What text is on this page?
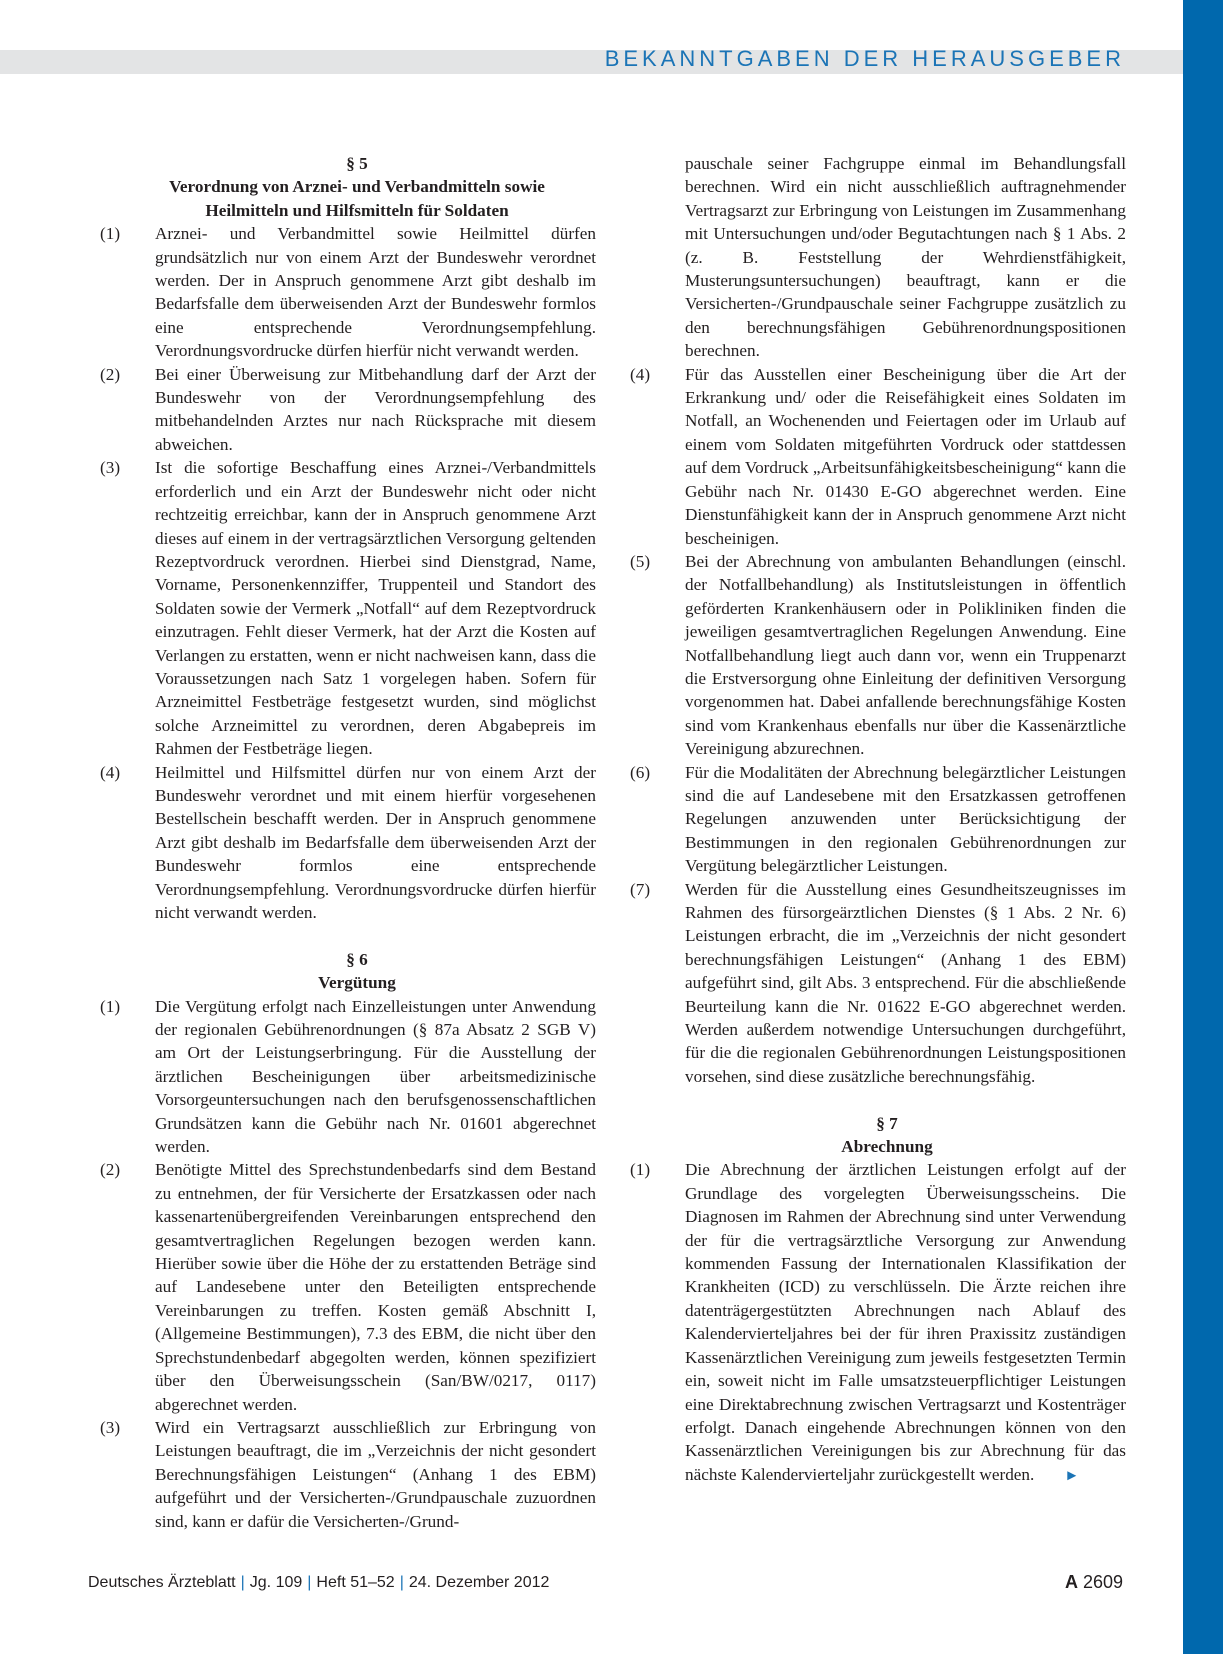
BEKANNTGABEN DER HERAUSGEBER
§ 5
Verordnung von Arznei- und Verbandmitteln sowie
Heilmitteln und Hilfsmitteln für Soldaten
(1) Arznei- und Verbandmittel sowie Heilmittel dürfen grundsätzlich nur von einem Arzt der Bundeswehr verordnet werden. Der in Anspruch genommene Arzt gibt deshalb im Bedarfsfalle dem überweisenden Arzt der Bundeswehr formlos eine entsprechende Verordnungsempfehlung. Verordnungsvordrucke dürfen hierfür nicht verwandt werden.
(2) Bei einer Überweisung zur Mitbehandlung darf der Arzt der Bundeswehr von der Verordnungsempfehlung des mitbehandelnden Arztes nur nach Rücksprache mit diesem abweichen.
(3) Ist die sofortige Beschaffung eines Arznei-/Verbandmittels erforderlich und ein Arzt der Bundeswehr nicht oder nicht rechtzeitig erreichbar, kann der in Anspruch genommene Arzt dieses auf einem in der vertragsärztlichen Versorgung geltenden Rezeptvordruck verordnen. Hierbei sind Dienstgrad, Name, Vorname, Personenkennziffer, Truppenteil und Standort des Soldaten sowie der Vermerk „Notfall“ auf dem Rezeptvordruck einzutragen. Fehlt dieser Vermerk, hat der Arzt die Kosten auf Verlangen zu erstatten, wenn er nicht nachweisen kann, dass die Voraussetzungen nach Satz 1 vorgelegen haben. Sofern für Arzneimittel Festbeträge festgesetzt wurden, sind möglichst solche Arzneimittel zu verordnen, deren Abgabepreis im Rahmen der Festbeträge liegen.
(4) Heilmittel und Hilfsmittel dürfen nur von einem Arzt der Bundeswehr verordnet und mit einem hierfür vorgesehenen Bestellschein beschafft werden. Der in Anspruch genommene Arzt gibt deshalb im Bedarfsfalle dem überweisenden Arzt der Bundeswehr formlos eine entsprechende Verordnungsempfehlung. Verordnungsvordrucke dürfen hierfür nicht verwandt werden.
§ 6
Vergütung
(1) Die Vergütung erfolgt nach Einzelleistungen unter Anwendung der regionalen Gebührenordnungen (§ 87a Absatz 2 SGB V) am Ort der Leistungserbringung. Für die Ausstellung der ärztlichen Bescheinigungen über arbeitsmedizinische Vorsorgeuntersuchungen nach den berufsgenossenschaftlichen Grundsätzen kann die Gebühr nach Nr. 01601 abgerechnet werden.
(2) Benötigte Mittel des Sprechstundenbedarfs sind dem Bestand zu entnehmen, der für Versicherte der Ersatzkassen oder nach kassenartenübergreifenden Vereinbarungen entsprechend den gesamtvertraglichen Regelungen bezogen werden kann. Hierüber sowie über die Höhe der zu erstattenden Beträge sind auf Landesebene unter den Beteiligten entsprechende Vereinbarungen zu treffen. Kosten gemäß Abschnitt I, (Allgemeine Bestimmungen), 7.3 des EBM, die nicht über den Sprechstundenbedarf abgegolten werden, können spezifiziert über den Überweisungsschein (San/BW/0217, 0117) abgerechnet werden.
(3) Wird ein Vertragsarzt ausschließlich zur Erbringung von Leistungen beauftragt, die im „Verzeichnis der nicht gesondert Berechnungsfähigen Leistungen“ (Anhang 1 des EBM) aufgeführt und der Versicherten-/Grundpauschale zuzuordnen sind, kann er dafür die Versicherten-/Grund-
pauschale seiner Fachgruppe einmal im Behandlungsfall berechnen. Wird ein nicht ausschließlich auftragnehmender Vertragsarzt zur Erbringung von Leistungen im Zusammenhang mit Untersuchungen und/oder Begutachtungen nach § 1 Abs. 2 (z. B. Feststellung der Wehrdienstfähigkeit, Musterungsuntersuchungen) beauftragt, kann er die Versicherten-/Grundpauschale seiner Fachgruppe zusätzlich zu den berechnungsfähigen Gebührenordnungspositionen berechnen.
(4) Für das Ausstellen einer Bescheinigung über die Art der Erkrankung und/ oder die Reisefähigkeit eines Soldaten im Notfall, an Wochenenden und Feiertagen oder im Urlaub auf einem vom Soldaten mitgeführten Vordruck oder stattdessen auf dem Vordruck „Arbeitsunfähigkeitsbescheinigung“ kann die Gebühr nach Nr. 01430 E-GO abgerechnet werden. Eine Dienstunfähigkeit kann der in Anspruch genommene Arzt nicht bescheinigen.
(5) Bei der Abrechnung von ambulanten Behandlungen (einschl. der Notfallbehandlung) als Institutsleistungen in öffentlich geförderten Krankenhäusern oder in Polikliniken finden die jeweiligen gesamtvertraglichen Regelungen Anwendung. Eine Notfallbehandlung liegt auch dann vor, wenn ein Truppenarzt die Erstversorgung ohne Einleitung der definitiven Versorgung vorgenommen hat. Dabei anfallende berechnungsfähige Kosten sind vom Krankenhaus ebenfalls nur über die Kassenärztliche Vereinigung abzurechnen.
(6) Für die Modalitäten der Abrechnung belegärztlicher Leistungen sind die auf Landesebene mit den Ersatzkassen getroffenen Regelungen anzuwenden unter Berücksichtigung der Bestimmungen in den regionalen Gebührenordnungen zur Vergütung belegärztlicher Leistungen.
(7) Werden für die Ausstellung eines Gesundheitszeugnisses im Rahmen des fürsorgeärztlichen Dienstes (§ 1 Abs. 2 Nr. 6) Leistungen erbracht, die im „Verzeichnis der nicht gesondert berechnungsfähigen Leistungen“ (Anhang 1 des EBM) aufgeführt sind, gilt Abs. 3 entsprechend. Für die abschließende Beurteilung kann die Nr. 01622 E-GO abgerechnet werden. Werden außerdem notwendige Untersuchungen durchgeführt, für die die regionalen Gebührenordnungen Leistungspositionen vorsehen, sind diese zusätzliche berechnungsfähig.
§ 7
Abrechnung
(1) Die Abrechnung der ärztlichen Leistungen erfolgt auf der Grundlage des vorgelegten Überweisungsscheins. Die Diagnosen im Rahmen der Abrechnung sind unter Verwendung der für die vertragsärztliche Versorgung zur Anwendung kommenden Fassung der Internationalen Klassifikation der Krankheiten (ICD) zu verschlüsseln. Die Ärzte reichen ihre datenträgergestützten Abrechnungen nach Ablauf des Kalendervierteljahres bei der für ihren Praxissitz zuständigen Kassenärztlichen Vereinigung zum jeweils festgesetzten Termin ein, soweit nicht im Falle umsatzsteuerpflichtiger Leistungen eine Direktabrechnung zwischen Vertragsarzt und Kostenträger erfolgt. Danach eingehende Abrechnungen können von den Kassenärztlichen Vereinigungen bis zur Abrechnung für das nächste Kalendervierteljahr zurückgestellt werden. ►
Deutsches Ärzteblatt | Jg. 109 | Heft 51–52 | 24. Dezember 2012	A 2609
